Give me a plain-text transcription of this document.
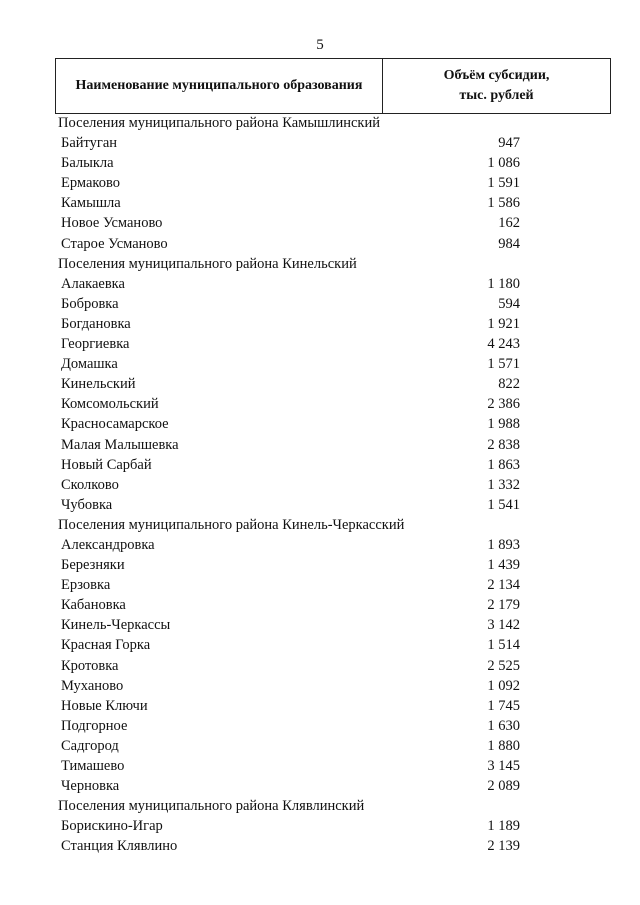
5
Наименование муниципального образования
Объём субсидии,
тыс. рублей
Поселения муниципального района Камышлинский
Байтуган	947
Балыкла	1 086
Ермаково	1 591
Камышла	1 586
Новое Усманово	162
Старое Усманово	984
Поселения муниципального района Кинельский
Алакаевка	1 180
Бобровка	594
Богдановка	1 921
Георгиевка	4 243
Домашка	1 571
Кинельский	822
Комсомольский	2 386
Красносамарское	1 988
Малая Малышевка	2 838
Новый Сарбай	1 863
Сколково	1 332
Чубовка	1 541
Поселения муниципального района Кинель-Черкасский
Александровка	1 893
Березняки	1 439
Ерзовка	2 134
Кабановка	2 179
Кинель-Черкассы	3 142
Красная Горка	1 514
Кротовка	2 525
Муханово	1 092
Новые Ключи	1 745
Подгорное	1 630
Садгород	1 880
Тимашево	3 145
Черновка	2 089
Поселения муниципального района Клявлинский
Борискино-Игар	1 189
Станция Клявлино	2 139
